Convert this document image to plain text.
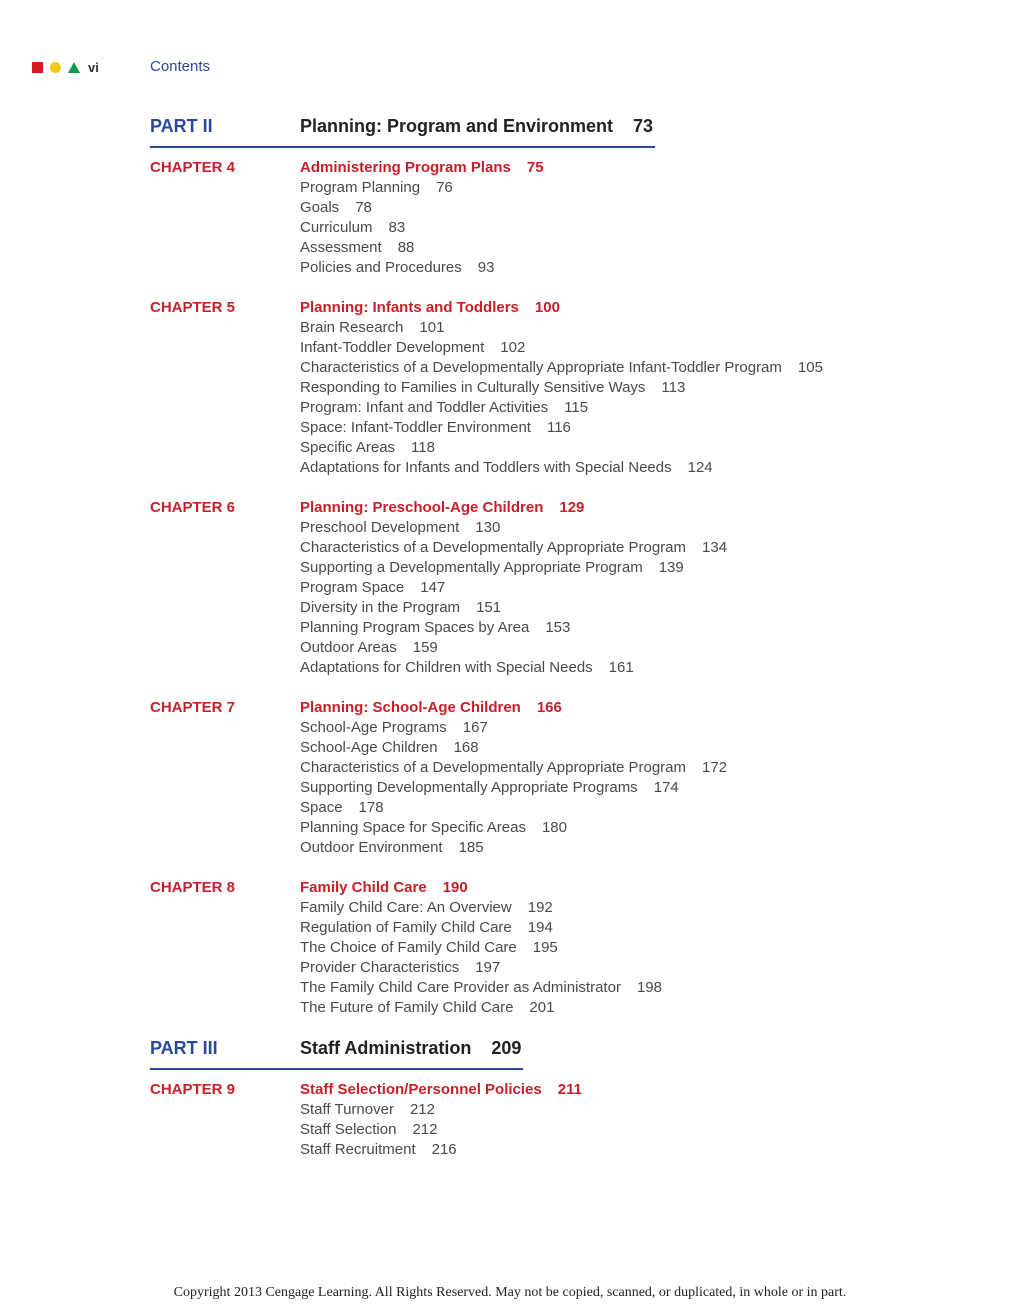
vi	Contents
PART II	Planning: Program and Environment 73
CHAPTER 4	Administering Program Plans 75
Program Planning 76
Goals 78
Curriculum 83
Assessment 88
Policies and Procedures 93
CHAPTER 5	Planning: Infants and Toddlers 100
Brain Research 101
Infant-Toddler Development 102
Characteristics of a Developmentally Appropriate Infant-Toddler Program 105
Responding to Families in Culturally Sensitive Ways 113
Program: Infant and Toddler Activities 115
Space: Infant-Toddler Environment 116
Specific Areas 118
Adaptations for Infants and Toddlers with Special Needs 124
CHAPTER 6	Planning: Preschool-Age Children 129
Preschool Development 130
Characteristics of a Developmentally Appropriate Program 134
Supporting a Developmentally Appropriate Program 139
Program Space 147
Diversity in the Program 151
Planning Program Spaces by Area 153
Outdoor Areas 159
Adaptations for Children with Special Needs 161
CHAPTER 7	Planning: School-Age Children 166
School-Age Programs 167
School-Age Children 168
Characteristics of a Developmentally Appropriate Program 172
Supporting Developmentally Appropriate Programs 174
Space 178
Planning Space for Specific Areas 180
Outdoor Environment 185
CHAPTER 8	Family Child Care 190
Family Child Care: An Overview 192
Regulation of Family Child Care 194
The Choice of Family Child Care 195
Provider Characteristics 197
The Family Child Care Provider as Administrator 198
The Future of Family Child Care 201
PART III	Staff Administration 209
CHAPTER 9	Staff Selection/Personnel Policies 211
Staff Turnover 212
Staff Selection 212
Staff Recruitment 216
Copyright 2013 Cengage Learning. All Rights Reserved. May not be copied, scanned, or duplicated, in whole or in part.
